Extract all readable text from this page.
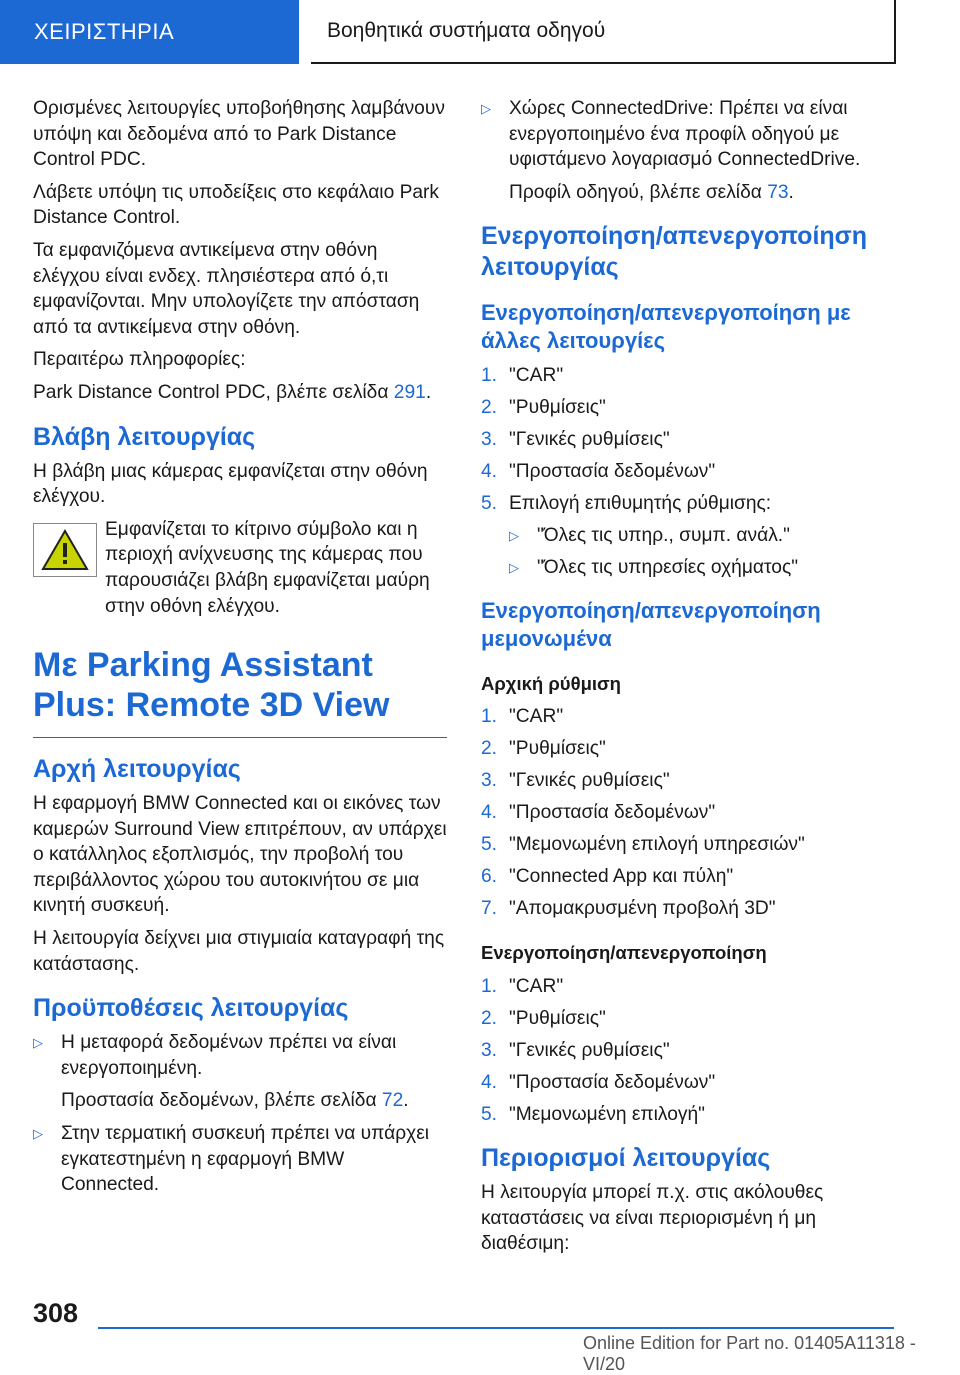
ΧΕΙΡΙΣΤΗΡΙΑ	Βοηθητικά συστήματα οδηγού

Ορισμένες λειτουργίες υποβοήθησης λαμβάνουν υπόψη και δεδομένα από το Park Distance Control PDC.

Λάβετε υπόψη τις υποδείξεις στο κεφάλαιο Park Distance Control.

Τα εμφανιζόμενα αντικείμενα στην οθόνη ελέγχου είναι ενδεχ. πλησιέστερα από ό,τι εμφανίζονται. Μην υπολογίζετε την απόσταση από τα αντικείμενα στην οθόνη.

Περαιτέρω πληροφορίες:

Park Distance Control PDC, βλέπε σελίδα 291.

Βλάβη λειτουργίας

Η βλάβη μιας κάμερας εμφανίζεται στην οθόνη ελέγχου.

Εμφανίζεται το κίτρινο σύμβολο και η περιοχή ανίχνευσης της κάμερας που παρουσιάζει βλάβη εμφανίζεται μαύρη στην οθόνη ελέγχου.
Με Parking Assistant Plus: Remote 3D View
Αρχή λειτουργίας

Η εφαρμογή BMW Connected και οι εικόνες των καμερών Surround View επιτρέπουν, αν υπάρχει ο κατάλληλος εξοπλισμός, την προβολή του περιβάλλοντος χώρου του αυτοκινήτου σε μια κινητή συσκευή.

Η λειτουργία δείχνει μια στιγμιαία καταγραφή της κατάστασης.

Προϋποθέσεις λειτουργίας
▷ Η μεταφορά δεδομένων πρέπει να είναι ενεργοποιημένη.
Προστασία δεδομένων, βλέπε σελίδα 72.
▷ Στην τερματική συσκευή πρέπει να υπάρχει εγκατεστημένη η εφαρμογή BMW Connected.
▷ Χώρες ConnectedDrive: Πρέπει να είναι ενεργοποιημένο ένα προφίλ οδηγού με υφιστάμενο λογαριασμό ConnectedDrive.
Προφίλ οδηγού, βλέπε σελίδα 73.
Ενεργοποίηση/απενεργοποίηση λειτουργίας
Ενεργοποίηση/απενεργοποίηση με άλλες λειτουργίες
1. "CAR"
2. "Ρυθμίσεις"
3. "Γενικές ρυθμίσεις"
4. "Προστασία δεδομένων"
5. Επιλογή επιθυμητής ρύθμισης:
▷ "Όλες τις υπηρ., συμπ. ανάλ."
▷ "Όλες τις υπηρεσίες οχήματος"
Ενεργοποίηση/απενεργοποίηση μεμονωμένα
Αρχική ρύθμιση
1. "CAR"
2. "Ρυθμίσεις"
3. "Γενικές ρυθμίσεις"
4. "Προστασία δεδομένων"
5. "Μεμονωμένη επιλογή υπηρεσιών"
6. "Connected App και πύλη"
7. "Απομακρυσμένη προβολή 3D"
Ενεργοποίηση/απενεργοποίηση
1. "CAR"
2. "Ρυθμίσεις"
3. "Γενικές ρυθμίσεις"
4. "Προστασία δεδομένων"
5. "Μεμονωμένη επιλογή"
Περιορισμοί λειτουργίας

Η λειτουργία μπορεί π.χ. στις ακόλουθες καταστάσεις να είναι περιορισμένη ή μη διαθέσιμη:

308
Online Edition for Part no. 01405A11318 - VI/20
